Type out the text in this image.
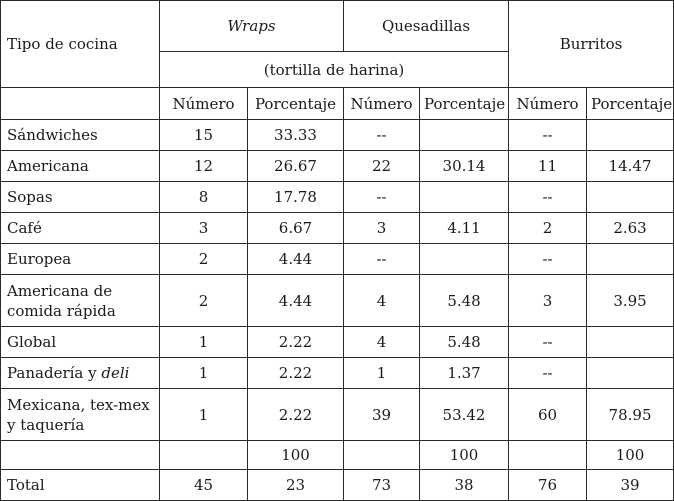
Tipo de cocina	Wraps		Quesadillas		Burritos	
	(tortilla de harina)					
	Número	Porcentaje	Número	Porcentaje	Número	Porcentaje
Sándwiches	15	33.33	--		--	
Americana	12	26.67	22	30.14	11	14.47
Sopas	8	17.78	--		--	
Café	3	6.67	3	4.11	2	2.63
Europea	2	4.44	--		--	
Americana de comida rápida	2	4.44	4	5.48	3	3.95
Global	1	2.22	4	5.48	--	
Panadería y deli	1	2.22	1	1.37	--	
Mexicana, tex-mex y taquería	1	2.22	39	53.42	60	78.95
		100		100		100
Total	45	23	73	38	76	39
